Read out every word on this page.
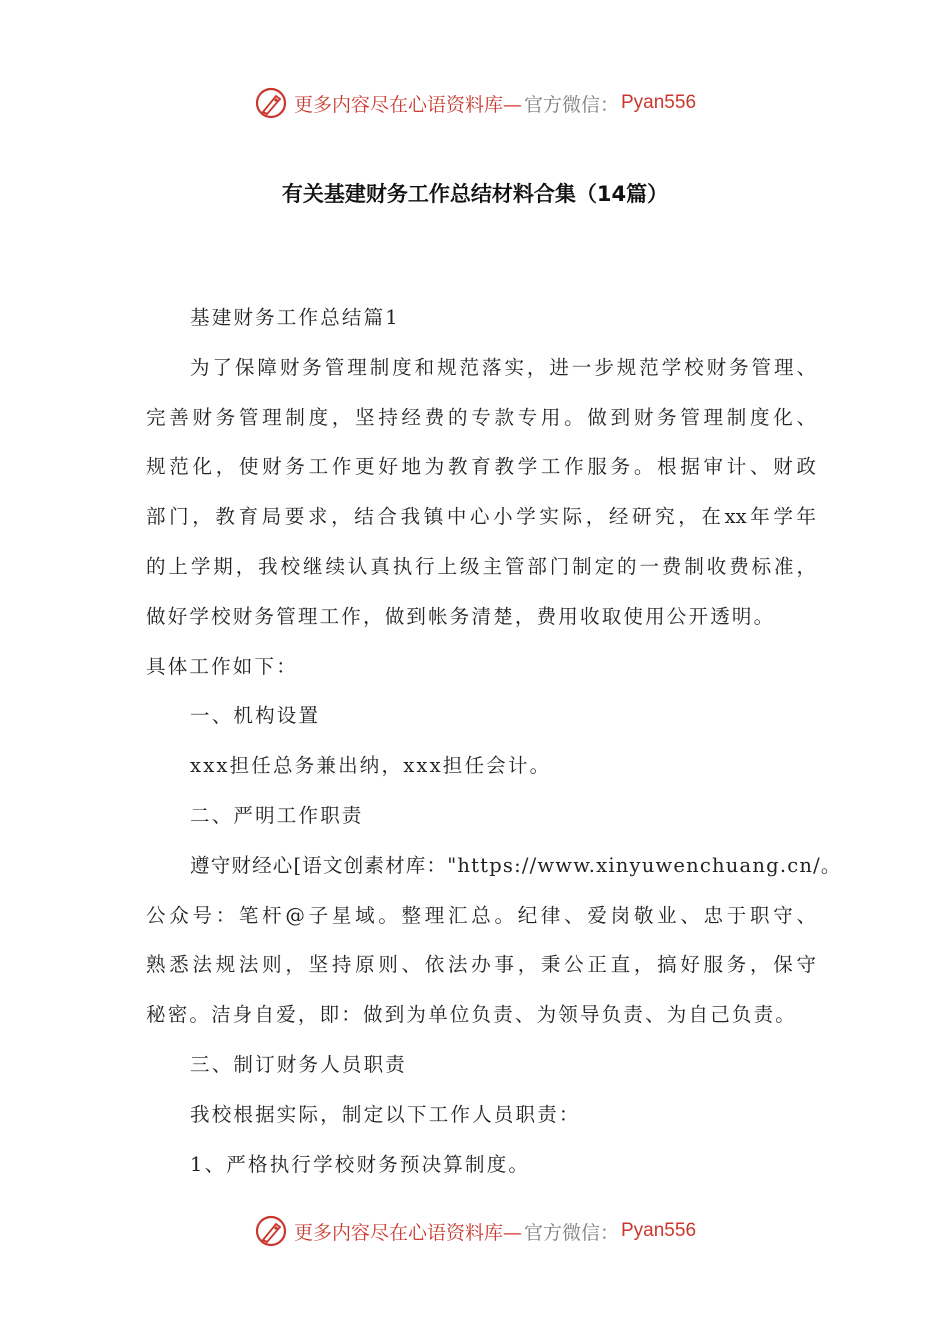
更多内容尽在心语资料库— 官方微信： Pyan556
有关基建财务工作总结材料合集（14篇）
基建财务工作总结篇1
为了保障财务管理制度和规范落实，进一步规范学校财务管理、
完善财务管理制度，坚持经费的专款专用。做到财务管理制度化、
规范化，使财务工作更好地为教育教学工作服务。根据审计、财政
部门，教育局要求，结合我镇中心小学实际，经研究，在xx年学年
的上学期，我校继续认真执行上级主管部门制定的一费制收费标准，
做好学校财务管理工作，做到帐务清楚，费用收取使用公开透明。
具体工作如下：
一、机构设置
xxx担任总务兼出纳，xxx担任会计。
二、严明工作职责
遵守财经心[语文创素材库："https://www.xinyuwenchuang.cn/。
公众号：笔杆@子星域。整理汇总。纪律、爱岗敬业、忠于职守、
熟悉法规法则，坚持原则、依法办事，秉公正直，搞好服务，保守
秘密。洁身自爱，即：做到为单位负责、为领导负责、为自己负责。
三、制订财务人员职责
我校根据实际，制定以下工作人员职责：
1、严格执行学校财务预决算制度。
更多内容尽在心语资料库— 官方微信： Pyan556
